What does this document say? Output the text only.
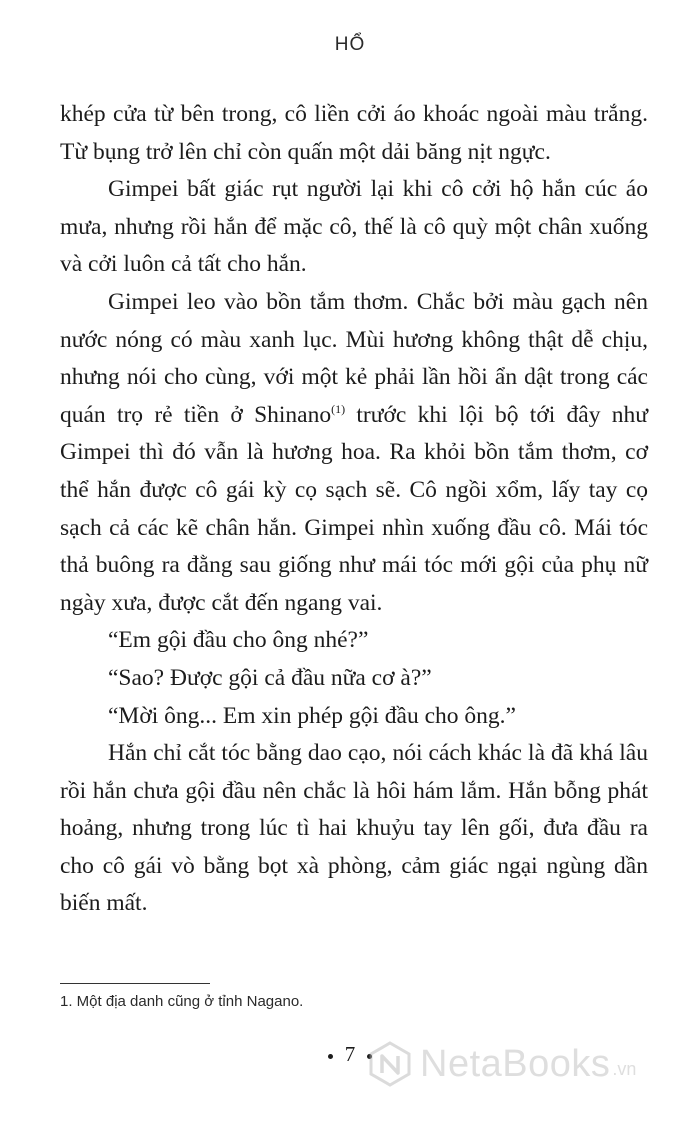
HỔ

khép cửa từ bên trong, cô liền cởi áo khoác ngoài màu trắng. Từ bụng trở lên chỉ còn quấn một dải băng nịt ngực.

Gimpei bất giác rụt người lại khi cô cởi hộ hắn cúc áo mưa, nhưng rồi hắn để mặc cô, thế là cô quỳ một chân xuống và cởi luôn cả tất cho hắn.

Gimpei leo vào bồn tắm thơm. Chắc bởi màu gạch nên nước nóng có màu xanh lục. Mùi hương không thật dễ chịu, nhưng nói cho cùng, với một kẻ phải lần hồi ẩn dật trong các quán trọ rẻ tiền ở Shinano$^{(1)}$ trước khi lội bộ tới đây như Gimpei thì đó vẫn là hương hoa. Ra khỏi bồn tắm thơm, cơ thể hắn được cô gái kỳ cọ sạch sẽ. Cô ngồi xổm, lấy tay cọ sạch cả các kẽ chân hắn. Gimpei nhìn xuống đầu cô. Mái tóc thả buông ra đằng sau giống như mái tóc mới gội của phụ nữ ngày xưa, được cắt đến ngang vai.

“Em gội đầu cho ông nhé?”

“Sao? Được gội cả đầu nữa cơ à?”

“Mời ông... Em xin phép gội đầu cho ông.”

Hắn chỉ cắt tóc bằng dao cạo, nói cách khác là đã khá lâu rồi hắn chưa gội đầu nên chắc là hôi hám lắm. Hắn bỗng phát hoảng, nhưng trong lúc tì hai khuỷu tay lên gối, đưa đầu ra cho cô gái vò bằng bọt xà phòng, cảm giác ngại ngùng dần biến mất.

1. Một địa danh cũng ở tỉnh Nagano.
7	NetaBooks .vn
